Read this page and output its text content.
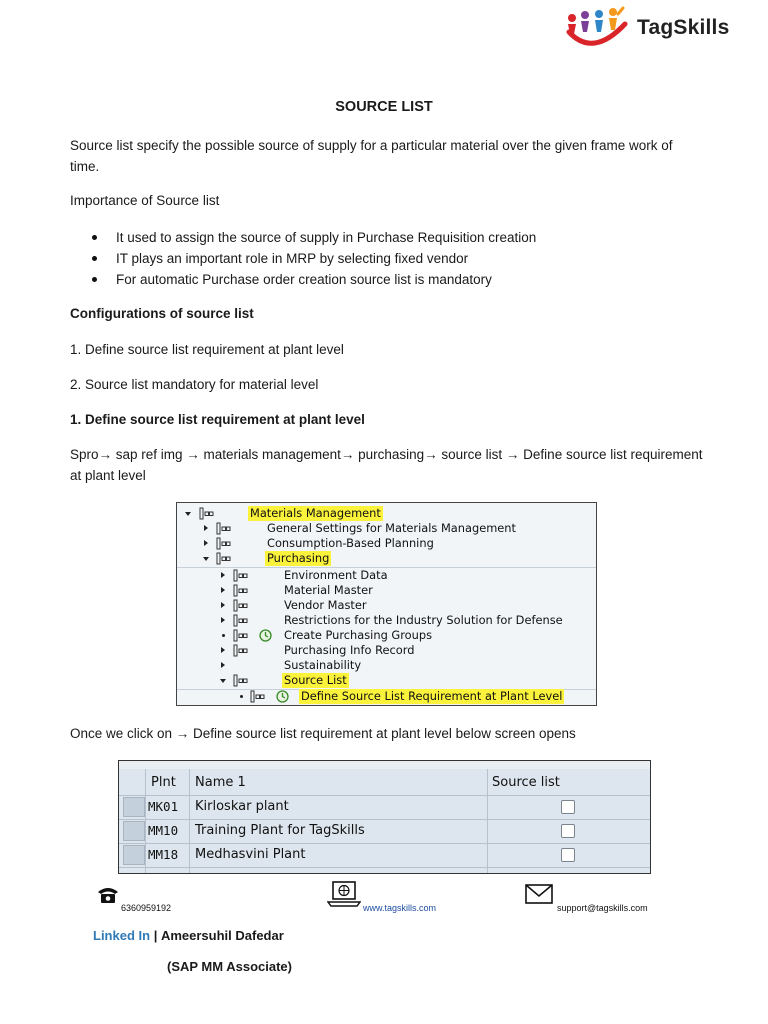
TagSkills
SOURCE LIST
Source list specify the possible source of supply for a particular material over the given frame work of time.
Importance of Source list
It used to assign the source of supply in Purchase Requisition creation
IT plays an important role in MRP by selecting fixed vendor
For automatic Purchase order creation source list is mandatory
Configurations of source list
1. Define source list requirement at plant level
2. Source list mandatory for material level
1. Define source list requirement at plant level
Spro→ sap ref img → materials management→ purchasing→ source list → Define source list requirement at plant level
Materials Management
General Settings for Materials Management
Consumption-Based Planning
Purchasing
Environment Data
Material Master
Vendor Master
Restrictions for the Industry Solution for Defense
Create Purchasing Groups
Purchasing Info Record
Sustainability
Source List
Define Source List Requirement at Plant Level
Once we click on → Define source list requirement at plant level below screen opens
Plnt Name 1	Source list
MK01 Kirloskar plant
MM10 Training Plant for TagSkills
MM18 Medhasvini Plant
6360959192	www.tagskills.com	support@tagskills.com
Linked In | Ameersuhil Dafedar
(SAP MM Associate)
